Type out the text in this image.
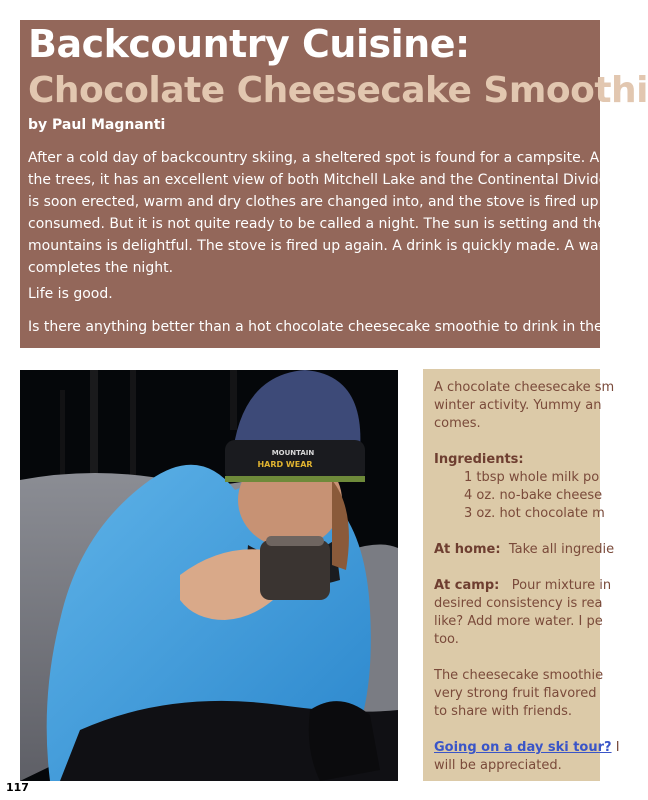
Backcountry Cuisine:
Chocolate Cheesecake Smoothi
by Paul Magnanti
After a cold day of backcountry skiing, a sheltered spot is found for a campsite. A sm
the trees, it has an excellent view of both Mitchell Lake and the Continental Divide a
is soon erected, warm and dry clothes are changed into, and the stove is fired up. D
consumed. But it is not quite ready to be called a night. The sun is setting and the a
mountains is delightful. The stove is fired up again. A drink is quickly made. A warm
completes the night.
Life is good.
Is there anything better than a hot chocolate cheesecake smoothie to drink in the co
MOUNTAIN
HARD WEAR
A chocolate cheesecake sm
winter activity. Yummy an
comes.
Ingredients:
1 tbsp whole milk po
4 oz. no-bake cheese
3 oz. hot chocolate m
At home: Take all ingredie
At camp: Pour mixture in
desired consistency is rea
like? Add more water. I pe
too.
The cheesecake smoothie
very strong fruit flavored
to share with friends.
Going on a day ski tour? I
will be appreciated.
117
